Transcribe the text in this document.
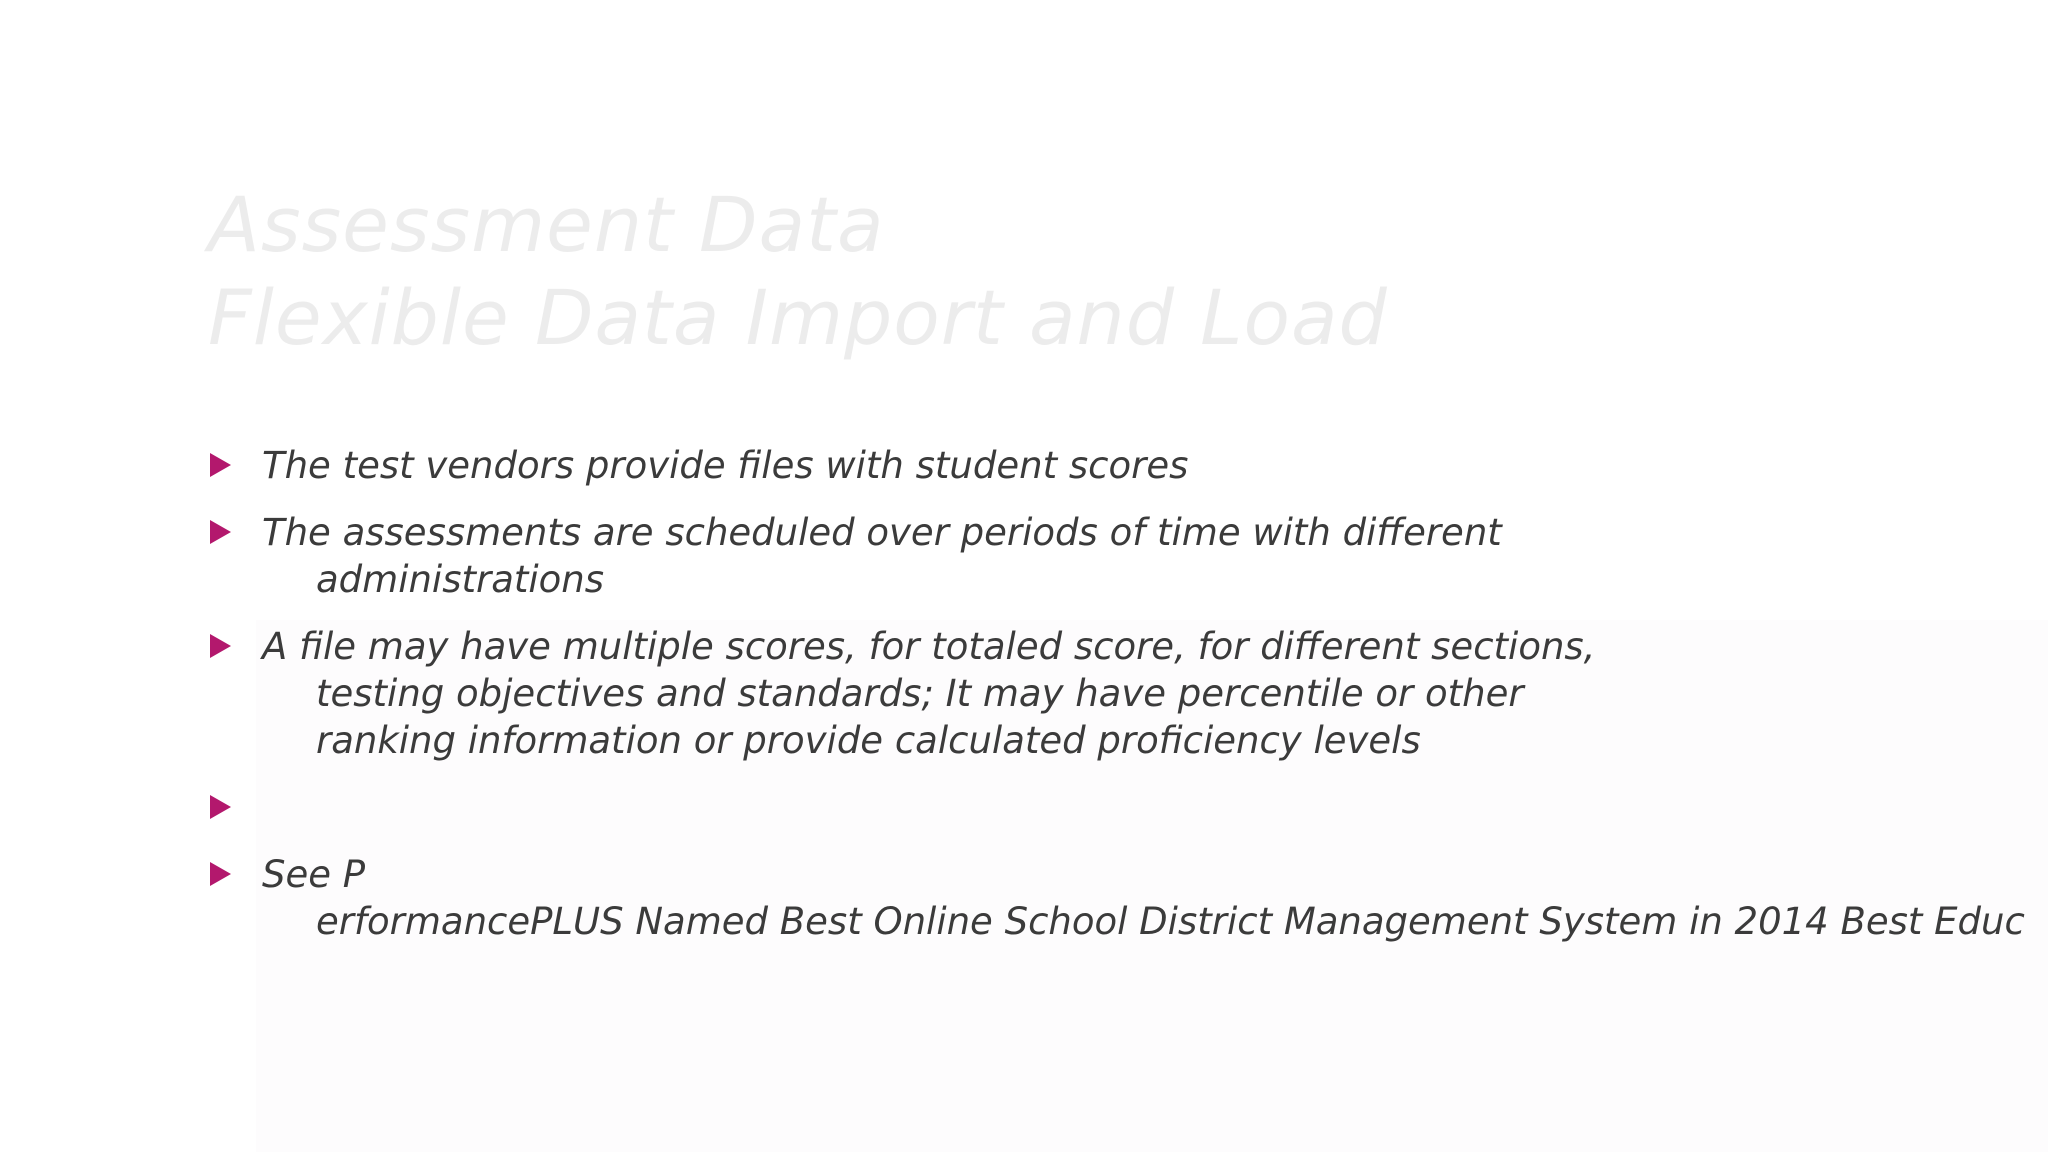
Assessment Data
Flexible Data Import and Load
The test vendors provide files with student scores
The assessments are scheduled over periods of time with different
administrations
A file may have multiple scores, for totaled score, for different sections,
testing objectives and standards; It may have percentile or other
ranking information or provide calculated proficiency levels
See P
erformancePLUS Named Best Online School District Management System in 2014 Best Educ
